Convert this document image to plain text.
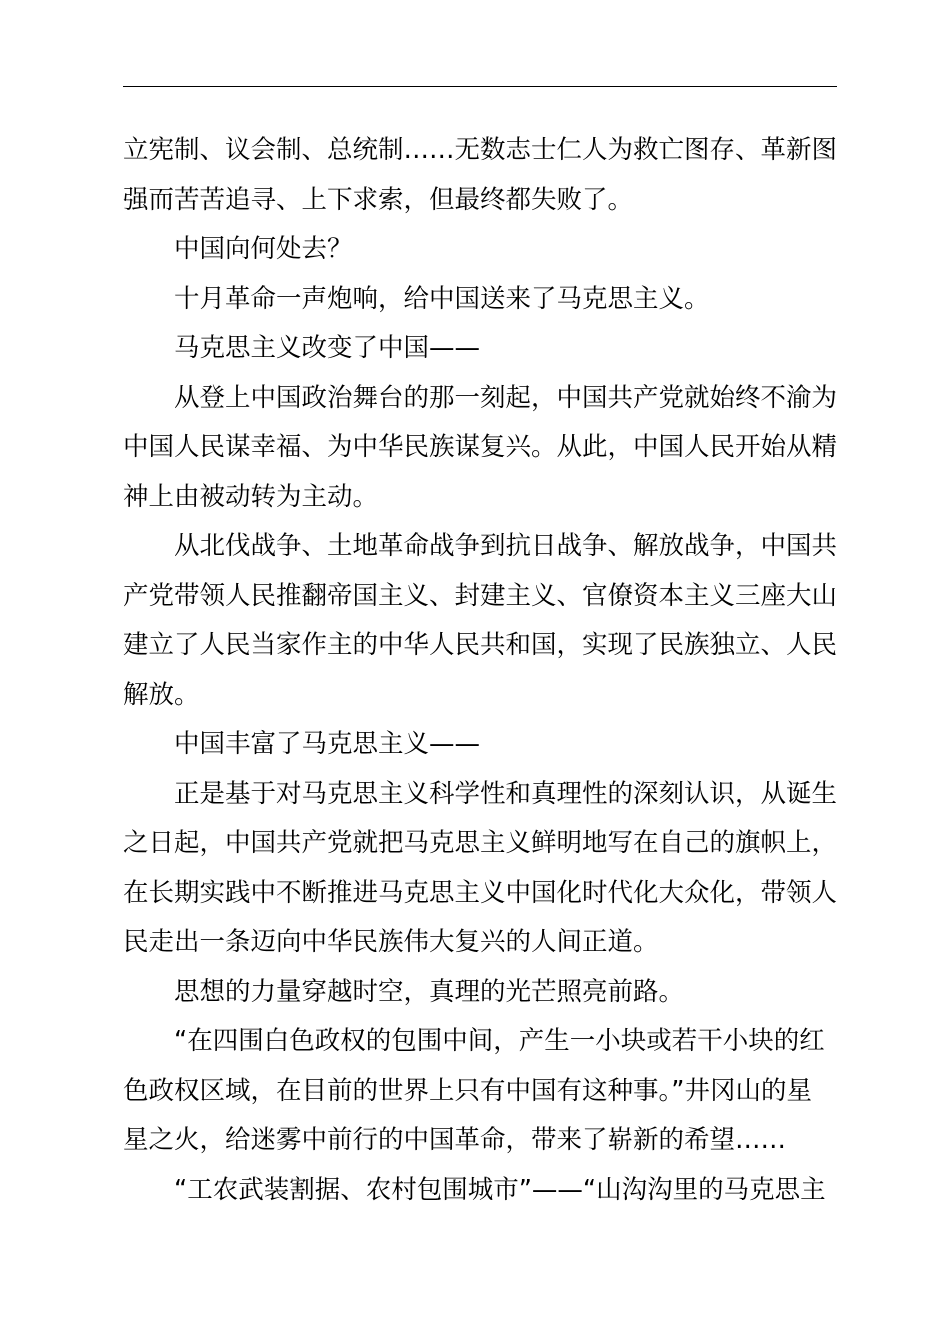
立宪制、议会制、总统制……无数志士仁人为救亡图存、革新图

强而苦苦追寻、上下求索，但最终都失败了。

中国向何处去？

十月革命一声炮响，给中国送来了马克思主义。

马克思主义改变了中国——

从登上中国政治舞台的那一刻起，中国共产党就始终不渝为

中国人民谋幸福、为中华民族谋复兴。从此，中国人民开始从精

神上由被动转为主动。

从北伐战争、土地革命战争到抗日战争、解放战争，中国共

产党带领人民推翻帝国主义、封建主义、官僚资本主义三座大山

建立了人民当家作主的中华人民共和国，实现了民族独立、人民

解放。

中国丰富了马克思主义——

正是基于对马克思主义科学性和真理性的深刻认识，从诞生

之日起，中国共产党就把马克思主义鲜明地写在自己的旗帜上，

在长期实践中不断推进马克思主义中国化时代化大众化，带领人

民走出一条迈向中华民族伟大复兴的人间正道。

思想的力量穿越时空，真理的光芒照亮前路。

“在四围白色政权的包围中间，产生一小块或若干小块的红

色政权区域，在目前的世界上只有中国有这种事。”井冈山的星

星之火，给迷雾中前行的中国革命，带来了崭新的希望……

“工农武装割据、农村包围城市”——“山沟沟里的马克思主
